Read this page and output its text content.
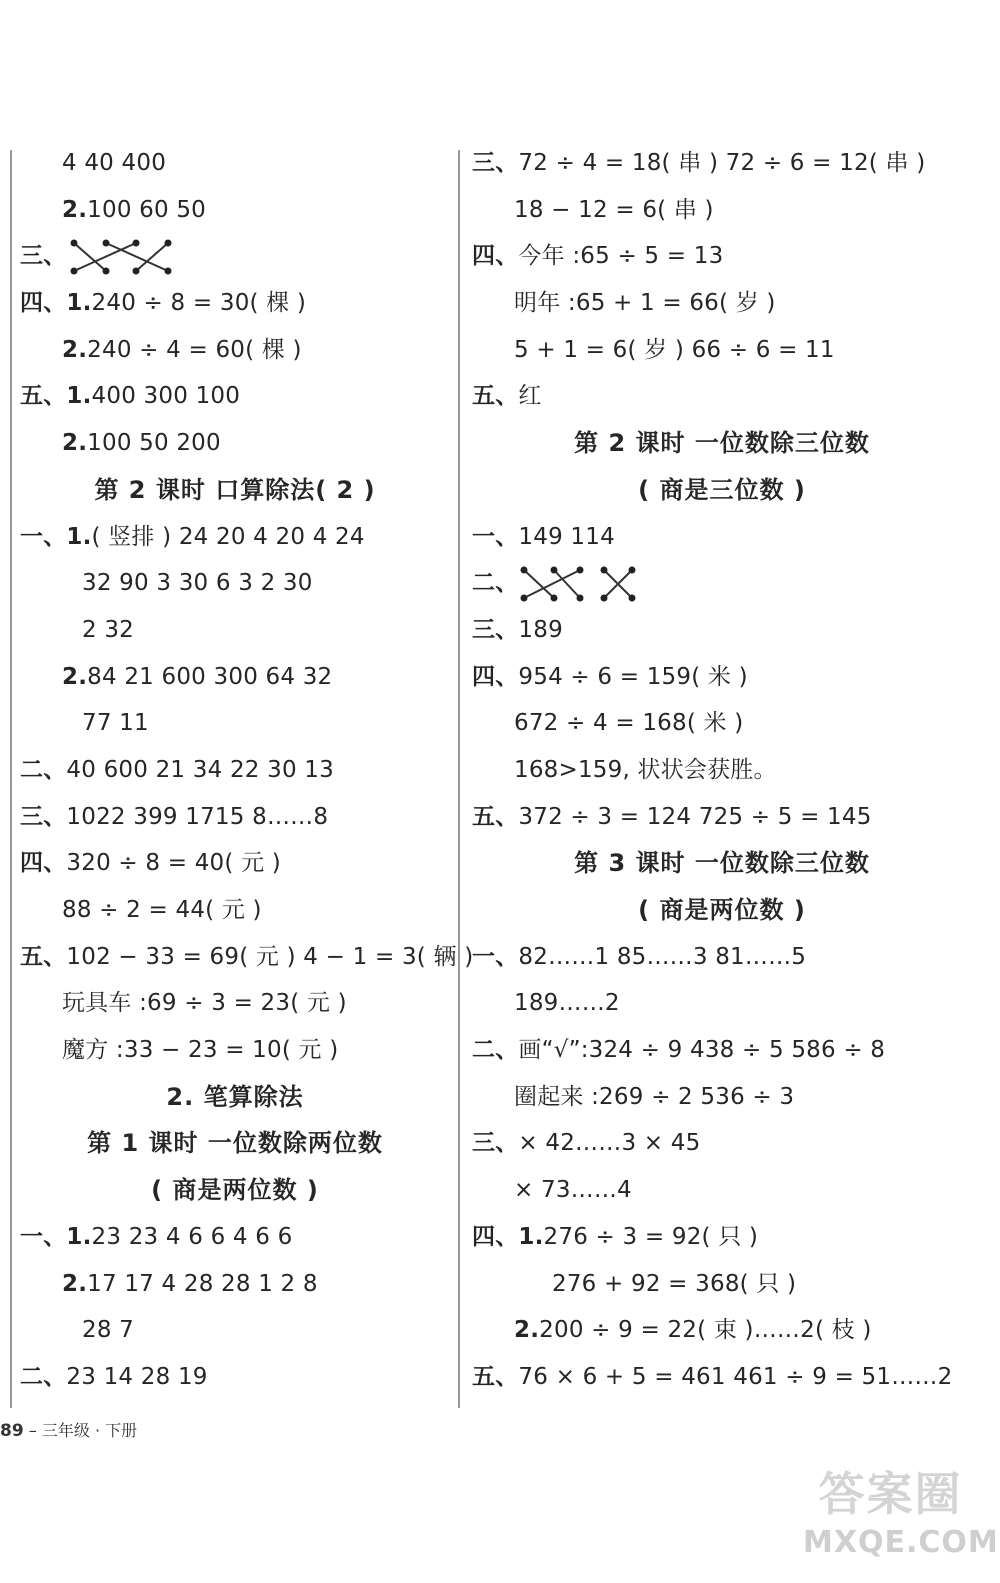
4 40 400
2.100 60 50
三、
四、1.240 ÷ 8 = 30( 棵 )
2.240 ÷ 4 = 60( 棵 )
五、1.400 300 100
2.100 50 200
第 2 课时 口算除法( 2 )
一、1.( 竖排 ) 24 20 4 20 4 24
32 90 3 30 6 3 2 30
2 32
2.84 21 600 300 64 32
77 11
二、40 600 21 34 22 30 13
三、1022 399 1715 8……8
四、320 ÷ 8 = 40( 元 )
88 ÷ 2 = 44( 元 )
五、102 − 33 = 69( 元 ) 4 − 1 = 3( 辆 )
玩具车 :69 ÷ 3 = 23( 元 )
魔方 :33 − 23 = 10( 元 )
2. 笔算除法
第 1 课时 一位数除两位数
( 商是两位数 )
一、1.23 23 4 6 6 4 6 6
2.17 17 4 28 28 1 2 8
28 7
二、23 14 28 19
三、72 ÷ 4 = 18( 串 ) 72 ÷ 6 = 12( 串 )
18 − 12 = 6( 串 )
四、今年 :65 ÷ 5 = 13
明年 :65 + 1 = 66( 岁 )
5 + 1 = 6( 岁 ) 66 ÷ 6 = 11
五、红
第 2 课时 一位数除三位数
( 商是三位数 )
一、149 114
二、
三、189
四、954 ÷ 6 = 159( 米 )
672 ÷ 4 = 168( 米 )
168>159, 状状会获胜。
五、372 ÷ 3 = 124 725 ÷ 5 = 145
第 3 课时 一位数除三位数
( 商是两位数 )
一、82……1 85……3 81……5
189……2
二、画“√”:324 ÷ 9 438 ÷ 5 586 ÷ 8
圈起来 :269 ÷ 2 536 ÷ 3
三、× 42……3 × 45
× 73……4
四、1.276 ÷ 3 = 92( 只 )
276 + 92 = 368( 只 )
2.200 ÷ 9 = 22( 束 )……2( 枝 )
五、76 × 6 + 5 = 461 461 ÷ 9 = 51……2
89 – 三年级 · 下册
答案圈
MXQE.COM
